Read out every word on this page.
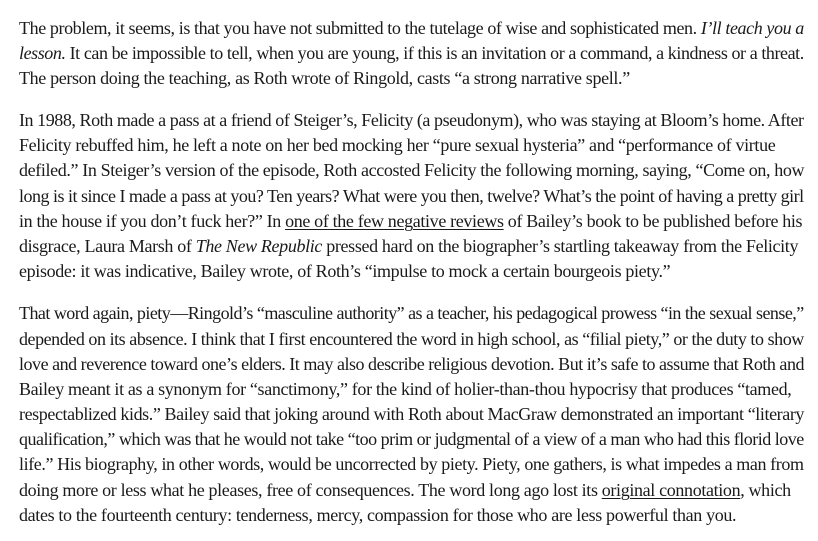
The problem, it seems, is that you have not submitted to the tutelage of wise and sophisticated men. I’ll teach you a
lesson. It can be impossible to tell, when you are young, if this is an invitation or a command, a kindness or a threat.
The person doing the teaching, as Roth wrote of Ringold, casts “a strong narrative spell.”
In 1988, Roth made a pass at a friend of Steiger’s, Felicity (a pseudonym), who was staying at Bloom’s home. After
Felicity rebuffed him, he left a note on her bed mocking her “pure sexual hysteria” and “performance of virtue
defiled.” In Steiger’s version of the episode, Roth accosted Felicity the following morning, saying, “Come on, how
long is it since I made a pass at you? Ten years? What were you then, twelve? What’s the point of having a pretty girl
in the house if you don’t fuck her?” In one of the few negative reviews of Bailey’s book to be published before his
disgrace, Laura Marsh of The New Republic pressed hard on the biographer’s startling takeaway from the Felicity
episode: it was indicative, Bailey wrote, of Roth’s “impulse to mock a certain bourgeois piety.”
That word again, piety—Ringold’s “masculine authority” as a teacher, his pedagogical prowess “in the sexual sense,”
depended on its absence. I think that I first encountered the word in high school, as “filial piety,” or the duty to show
love and reverence toward one’s elders. It may also describe religious devotion. But it’s safe to assume that Roth and
Bailey meant it as a synonym for “sanctimony,” for the kind of holier-than-thou hypocrisy that produces “tamed,
respectablized kids.” Bailey said that joking around with Roth about MacGraw demonstrated an important “literary
qualification,” which was that he would not take “too prim or judgmental of a view of a man who had this florid love
life.” His biography, in other words, would be uncorrected by piety. Piety, one gathers, is what impedes a man from
doing more or less what he pleases, free of consequences. The word long ago lost its original connotation, which
dates to the fourteenth century: tenderness, mercy, compassion for those who are less powerful than you.
